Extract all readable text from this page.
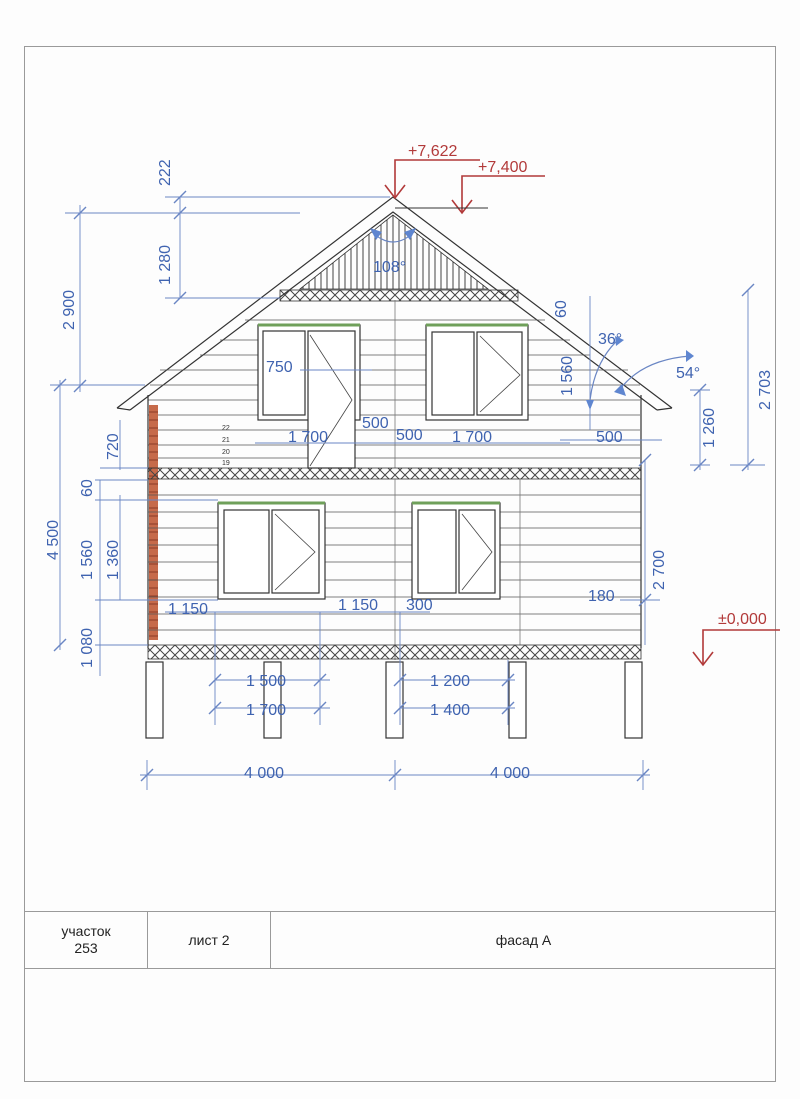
+7,622
+7,400
±0,000
108°
36°
54°
222
1 280
2 900
720
60
4 500 1 560 1 360
1 080
750
1 700
500
500 1 700	500
60
1 560
1 260
2 703
2 700
180
1 150	1 150 300
1 500
1 700
1 200
1 400
4 000	4 000
22
21
20
19
участок
253	лист 2	фасад А
